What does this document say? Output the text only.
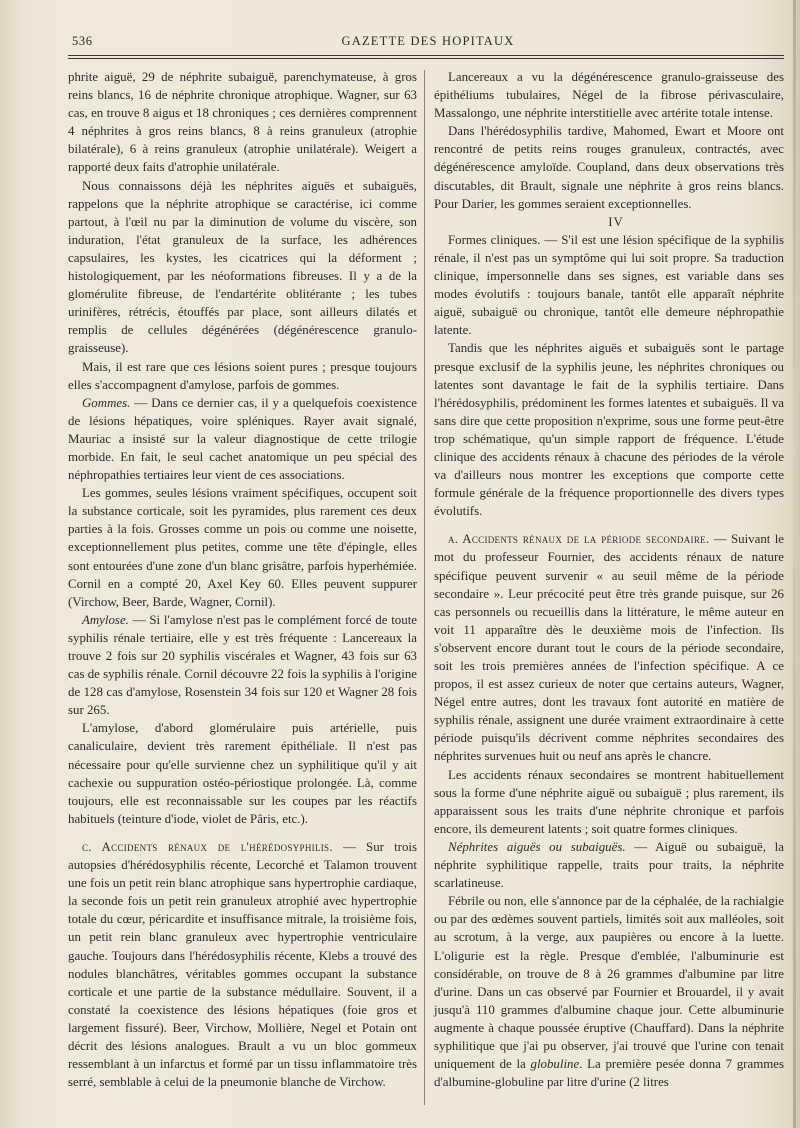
GAZETTE DES HOPITAUX
536

phrite aiguë, 29 de néphrite subaiguë, parenchymateuse, à gros reins blancs, 16 de néphrite chronique atrophique. Wagner, sur 63 cas, en trouve 8 aigus et 18 chroniques ; ces dernières comprennent 4 néphrites à gros reins blancs, 8 à reins granuleux (atrophie bilatérale), 6 à reins granuleux (atrophie unilatérale). Weigert a rapporté deux faits d'atrophie unilatérale.

Nous connaissons déjà les néphrites aiguës et subaiguës, rappelons que la néphrite atrophique se caractérise, ici comme partout, à l'œil nu par la diminution de volume du viscère, son induration, l'état granuleux de la surface, les adhérences capsulaires, les kystes, les cicatrices qui la déforment ; histologiquement, par les néoformations fibreuses. Il y a de la glomérulite fibreuse, de l'endartérite oblitérante ; les tubes urinifères, rétrécis, étouffés par place, sont ailleurs dilatés et remplis de cellules dégénérées (dégénérescence granulo-graisseuse).

Mais, il est rare que ces lésions soient pures ; presque toujours elles s'accompagnent d'amylose, parfois de gommes.

Gommes. — Dans ce dernier cas, il y a quelquefois coexistence de lésions hépatiques, voire spléniques. Rayer avait signalé, Mauriac a insisté sur la valeur diagnostique de cette trilogie morbide. En fait, le seul cachet anatomique un peu spécial des néphropathies tertiaires leur vient de ces associations.

Les gommes, seules lésions vraiment spécifiques, occupent soit la substance corticale, soit les pyramides, plus rarement ces deux parties à la fois. Grosses comme un pois ou comme une noisette, exceptionnellement plus petites, comme une tête d'épingle, elles sont entourées d'une zone d'un blanc grisâtre, parfois hyperhémiée. Cornil en a compté 20, Axel Key 60. Elles peuvent suppurer (Virchow, Beer, Barde, Wagner, Cornil).

Amylose. — Si l'amylose n'est pas le complément forcé de toute syphilis rénale tertiaire, elle y est très fréquente : Lancereaux la trouve 2 fois sur 20 syphilis viscérales et Wagner, 43 fois sur 63 cas de syphilis rénale. Cornil découvre 22 fois la syphilis à l'origine de 128 cas d'amylose, Rosenstein 34 fois sur 120 et Wagner 28 fois sur 265.

L'amylose, d'abord glomérulaire puis artérielle, puis canaliculaire, devient très rarement épithéliale. Il n'est pas nécessaire pour qu'elle survienne chez un syphilitique qu'il y ait cachexie ou suppuration ostéo-périostique prolongée. Là, comme toujours, elle est reconnaissable sur les coupes par les réactifs habituels (teinture d'iode, violet de Pâris, etc.).

c. Accidents rénaux de l'hérédosyphilis. — Sur trois autopsies d'hérédosyphilis récente, Lecorché et Talamon trouvent une fois un petit rein blanc atrophique sans hypertrophie cardiaque, la seconde fois un petit rein granuleux atrophié avec hypertrophie totale du cœur, péricardite et insuffisance mitrale, la troisième fois, un petit rein blanc granuleux avec hypertrophie ventriculaire gauche. Toujours dans l'hérédosyphilis récente, Klebs a trouvé des nodules blanchâtres, véritables gommes occupant la substance corticale et une partie de la substance médullaire. Souvent, il a constaté la coexistence des lésions hépatiques (foie gros et largement fissuré). Beer, Virchow, Mollière, Negel et Potain ont décrit des lésions analogues. Brault a vu un bloc gommeux ressemblant à un infarctus et formé par un tissu inflammatoire très serré, semblable à celui de la pneumonie blanche de Virchow.

Lancereaux a vu la dégénérescence granulo-graisseuse des épithéliums tubulaires, Négel de la fibrose périvasculaire, Massalongo, une néphrite interstitielle avec artérite totale intense.

Dans l'hérédosyphilis tardive, Mahomed, Ewart et Moore ont rencontré de petits reins rouges granuleux, contractés, avec dégénérescence amyloïde. Coupland, dans deux observations très discutables, dit Brault, signale une néphrite à gros reins blancs. Pour Darier, les gommes seraient exceptionnelles.

IV

Formes cliniques. — S'il est une lésion spécifique de la syphilis rénale, il n'est pas un symptôme qui lui soit propre. Sa traduction clinique, impersonnelle dans ses signes, est variable dans ses modes évolutifs : toujours banale, tantôt elle apparaît néphrite aiguë, subaiguë ou chronique, tantôt elle demeure néphropathie latente.

Tandis que les néphrites aiguës et subaiguës sont le partage presque exclusif de la syphilis jeune, les néphrites chroniques ou latentes sont davantage le fait de la syphilis tertiaire. Dans l'hérédosyphilis, prédominent les formes latentes et subaiguës. Il va sans dire que cette proposition n'exprime, sous une forme peut-être trop schématique, qu'un simple rapport de fréquence. L'étude clinique des accidents rénaux à chacune des périodes de la vérole va d'ailleurs nous montrer les exceptions que comporte cette formule générale de la fréquence proportionnelle des divers types évolutifs.

a. Accidents rénaux de la période secondaire. — Suivant le mot du professeur Fournier, des accidents rénaux de nature spécifique peuvent survenir « au seuil même de la période secondaire ». Leur précocité peut être très grande puisque, sur 26 cas personnels ou recueillis dans la littérature, le même auteur en voit 11 apparaître dès le deuxième mois de l'infection. Ils s'observent encore durant tout le cours de la période secondaire, soit les trois premières années de l'infection spécifique. A ce propos, il est assez curieux de noter que certains auteurs, Wagner, Négel entre autres, dont les travaux font autorité en matière de syphilis rénale, assignent une durée vraiment extraordinaire à cette période puisqu'ils décrivent comme néphrites secondaires des néphrites survenues huit ou neuf ans après le chancre.

Les accidents rénaux secondaires se montrent habituellement sous la forme d'une néphrite aiguë ou subaiguë ; plus rarement, ils apparaissent sous les traits d'une néphrite chronique et parfois encore, ils demeurent latents ; soit quatre formes cliniques.

Néphrites aiguës ou subaiguës. — Aiguë ou subaiguë, la néphrite syphilitique rappelle, traits pour traits, la néphrite scarlatineuse.

Fébrile ou non, elle s'annonce par de la céphalée, de la rachialgie ou par des œdèmes souvent partiels, limités soit aux malléoles, soit au scrotum, à la verge, aux paupières ou encore à la luette. L'oligurie est la règle. Presque d'emblée, l'albuminurie est considérable, on trouve de 8 à 26 grammes d'albumine par litre d'urine. Dans un cas observé par Fournier et Brouardel, il y avait jusqu'à 110 grammes d'albumine chaque jour. Cette albuminurie augmente à chaque poussée éruptive (Chauffard). Dans la néphrite syphilitique que j'ai pu observer, j'ai trouvé que l'urine con tenait uniquement de la globuline. La première pesée donna 7 grammes d'albumine-globuline par litre d'urine (2 litres
